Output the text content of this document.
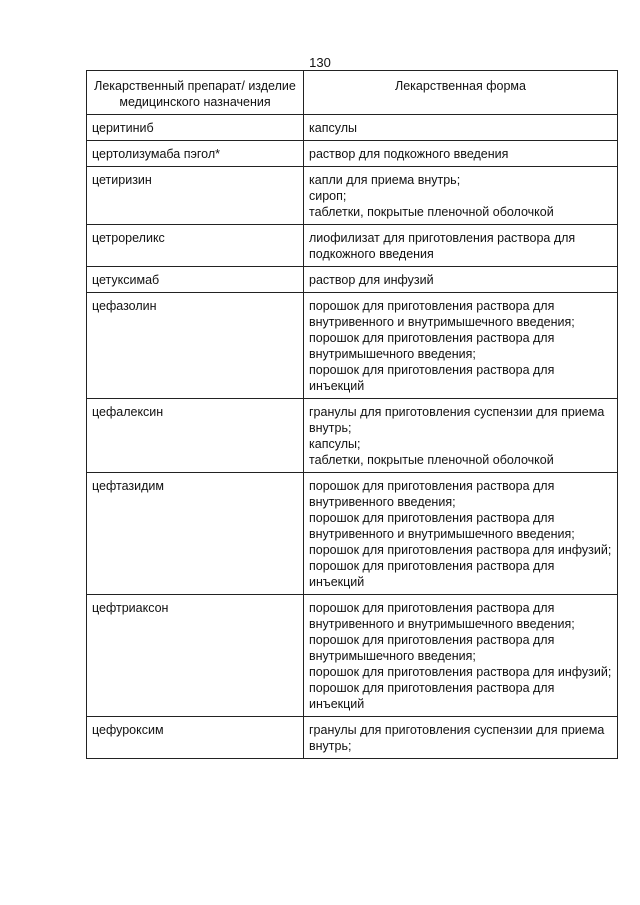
130
Лекарственный препарат/ изделие медицинского назначения	Лекарственная форма
церитиниб	капсулы

цертолизумаба пэгол*	раствор для подкожного введения

цетиризин	капли для приема внутрь;
сироп;
таблетки, покрытые пленочной оболочкой

цетрореликс	лиофилизат для приготовления раствора для подкожного введения

цетуксимаб	раствор для инфузий

цефазолин	порошок для приготовления раствора для внутривенного и внутримышечного введения;
порошок для приготовления раствора для внутримышечного введения;
порошок для приготовления раствора для инъекций

цефалексин	гранулы для приготовления суспензии для приема внутрь;
капсулы;
таблетки, покрытые пленочной оболочкой

цефтазидим	порошок для приготовления раствора для внутривенного введения;
порошок для приготовления раствора для внутривенного и внутримышечного введения;
порошок для приготовления раствора для инфузий;
порошок для приготовления раствора для инъекций

цефтриаксон	порошок для приготовления раствора для внутривенного и внутримышечного введения;
порошок для приготовления раствора для внутримышечного введения;
порошок для приготовления раствора для инфузий;
порошок для приготовления раствора для инъекций

цефуроксим	гранулы для приготовления суспензии для приема внутрь;
